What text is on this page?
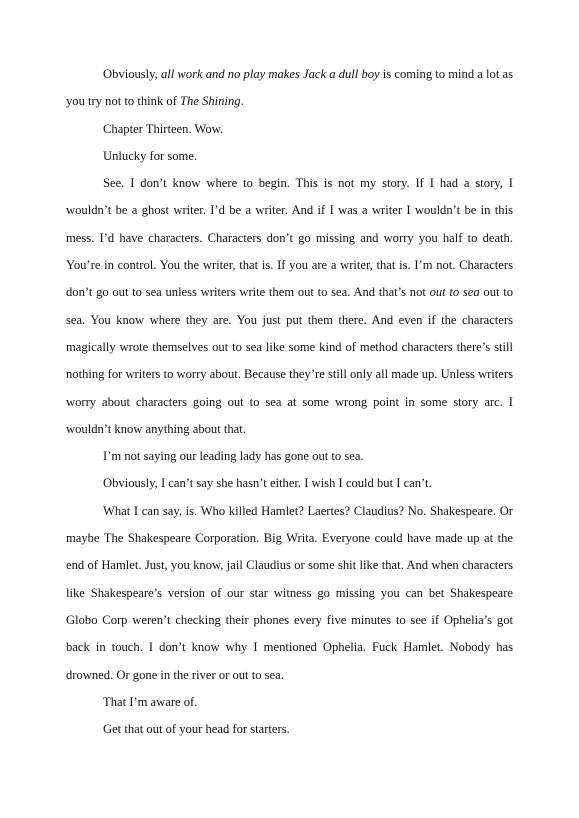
Obviously, all work and no play makes Jack a dull boy is coming to mind a lot as you try not to think of The Shining.

Chapter Thirteen. Wow.

Unlucky for some.

See. I don’t know where to begin. This is not my story. If I had a story, I wouldn’t be a ghost writer. I’d be a writer. And if I was a writer I wouldn’t be in this mess. I’d have characters. Characters don’t go missing and worry you half to death. You’re in control. You the writer, that is. If you are a writer, that is. I’m not. Characters don’t go out to sea unless writers write them out to sea. And that’s not out to sea out to sea. You know where they are. You just put them there. And even if the characters magically wrote themselves out to sea like some kind of method characters there’s still nothing for writers to worry about. Because they’re still only all made up. Unless writers worry about characters going out to sea at some wrong point in some story arc. I wouldn’t know anything about that.

I’m not saying our leading lady has gone out to sea.

Obviously, I can’t say she hasn’t either. I wish I could but I can’t.

What I can say, is. Who killed Hamlet? Laertes? Claudius? No. Shakespeare. Or maybe The Shakespeare Corporation. Big Writa. Everyone could have made up at the end of Hamlet. Just, you know, jail Claudius or some shit like that. And when characters like Shakespeare’s version of our star witness go missing you can bet Shakespeare Globo Corp weren’t checking their phones every five minutes to see if Ophelia’s got back in touch. I don’t know why I mentioned Ophelia. Fuck Hamlet. Nobody has drowned. Or gone in the river or out to sea.

That I’m aware of.

Get that out of your head for starters.
